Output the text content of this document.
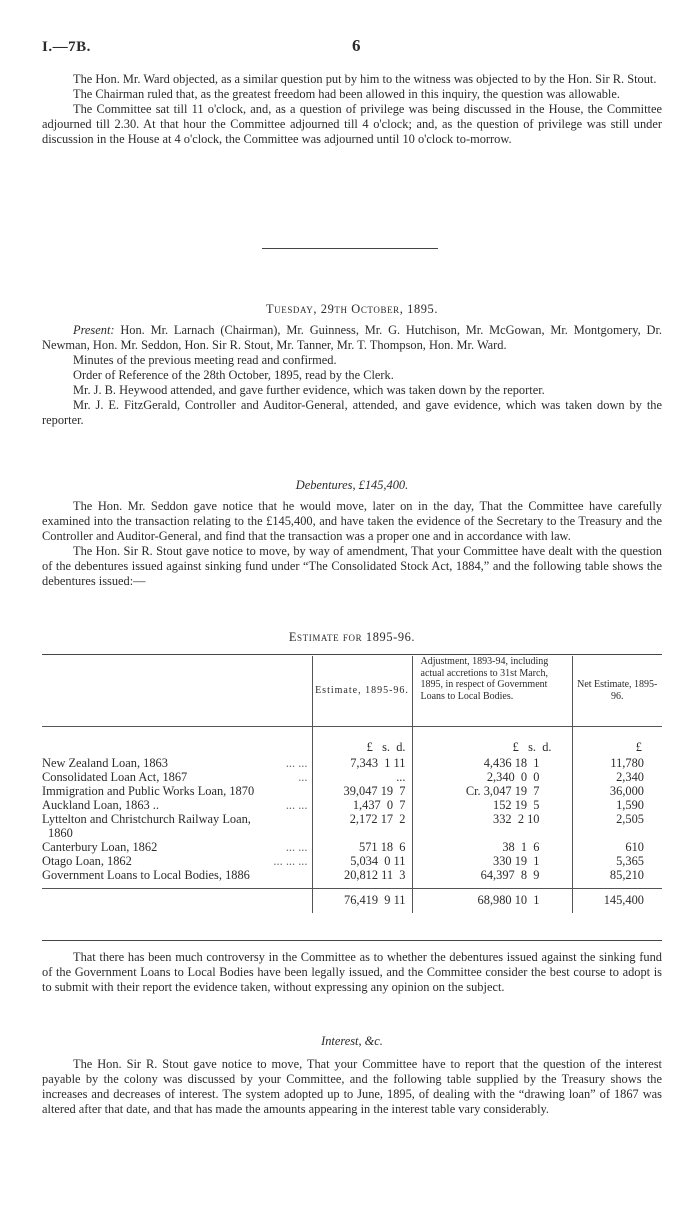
I.—7B.	6

The Hon. Mr. Ward objected, as a similar question put by him to the witness was objected to by the Hon. Sir R. Stout.

The Chairman ruled that, as the greatest freedom had been allowed in this inquiry, the question was allowable.

The Committee sat till 11 o'clock, and, as a question of privilege was being discussed in the House, the Committee adjourned till 2.30. At that hour the Committee adjourned till 4 o'clock; and, as the question of privilege was still under discussion in the House at 4 o'clock, the Committee was adjourned until 10 o'clock to-morrow.

Tuesday, 29th October, 1895.

Present: Hon. Mr. Larnach (Chairman), Mr. Guinness, Mr. G. Hutchison, Mr. McGowan, Mr. Montgomery, Dr. Newman, Hon. Mr. Seddon, Hon. Sir R. Stout, Mr. Tanner, Mr. T. Thompson, Hon. Mr. Ward.

Minutes of the previous meeting read and confirmed.

Order of Reference of the 28th October, 1895, read by the Clerk.

Mr. J. B. Heywood attended, and gave further evidence, which was taken down by the reporter.

Mr. J. E. FitzGerald, Controller and Auditor-General, attended, and gave evidence, which was taken down by the reporter.

Debentures, £145,400.

The Hon. Mr. Seddon gave notice that he would move, later on in the day, That the Committee have carefully examined into the transaction relating to the £145,400, and have taken the evidence of the Secretary to the Treasury and the Controller and Auditor-General, and find that the transaction was a proper one and in accordance with law.

The Hon. Sir R. Stout gave notice to move, by way of amendment, That your Committee have dealt with the question of the debentures issued against sinking fund under “The Consolidated Stock Act, 1884,” and the following table shows the debentures issued:—

Estimate for 1895-96.

	Estimate, 1895-96.	Adjustment, 1893-94, including actual accretions to 31st March, 1895, in respect of Government Loans to Local Bodies.	Net Estimate, 1895-96.
	£   s.  d.	£   s.  d.	£
New Zealand Loan, 1863 ... ...	7,343  1 11	4,436 18  1	11,780
Consolidated Loan Act, 1867 ...	...	2,340  0  0	2,340
Immigration and Public Works Loan, 1870	39,047 19  7	Cr. 3,047 19  7	36,000
Auckland Loan, 1863 .. ... ...	1,437  0  7	152 19  5	1,590
Lyttelton and Christchurch Railway Loan,	2,172 17  2	332  2 10	2,505
1860

Canterbury Loan, 1862 ... ...	571 18  6	38  1  6	610
Otago Loan, 1862 ... ... ...	5,034  0 11	330 19  1	5,365
Government Loans to Local Bodies, 1886	20,812 11  3	64,397  8  9	85,210

	76,419  9 11	68,980 10  1	145,400

That there has been much controversy in the Committee as to whether the debentures issued against the sinking fund of the Government Loans to Local Bodies have been legally issued, and the Committee consider the best course to adopt is to submit with their report the evidence taken, without expressing any opinion on the subject.

Interest, &c.

The Hon. Sir R. Stout gave notice to move, That your Committee have to report that the question of the interest payable by the colony was discussed by your Committee, and the following table supplied by the Treasury shows the increases and decreases of interest. The system adopted up to June, 1895, of dealing with the “drawing loan” of 1867 was altered after that date, and that has made the amounts appearing in the interest table vary considerably.
